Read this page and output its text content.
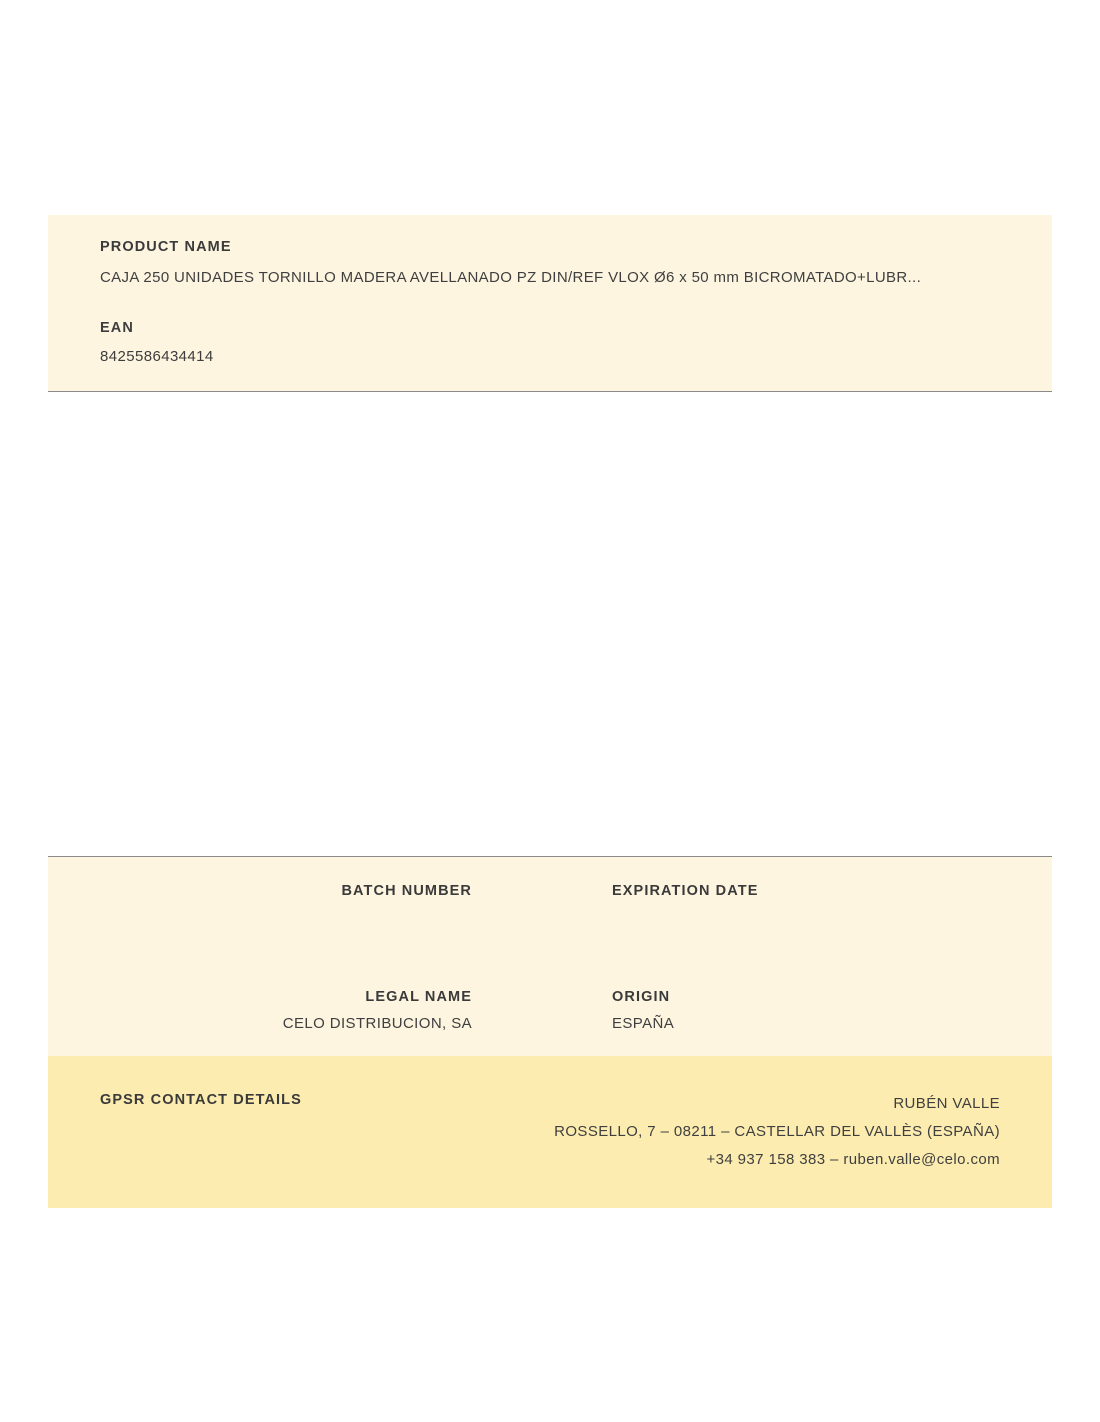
PRODUCT NAME
CAJA 250 UNIDADES TORNILLO MADERA AVELLANADO PZ DIN/REF VLOX Ø6 x 50 mm BICROMATADO+LUBR...
EAN
8425586434414
BATCH NUMBER	EXPIRATION DATE
LEGAL NAME
CELO DISTRIBUCION, SA
ORIGIN
ESPAÑA
GPSR CONTACT DETAILS	RUBÉN VALLE
ROSSELLO, 7 – 08211 – CASTELLAR DEL VALLÈS (ESPAÑA)
+34 937 158 383 – ruben.valle@celo.com
